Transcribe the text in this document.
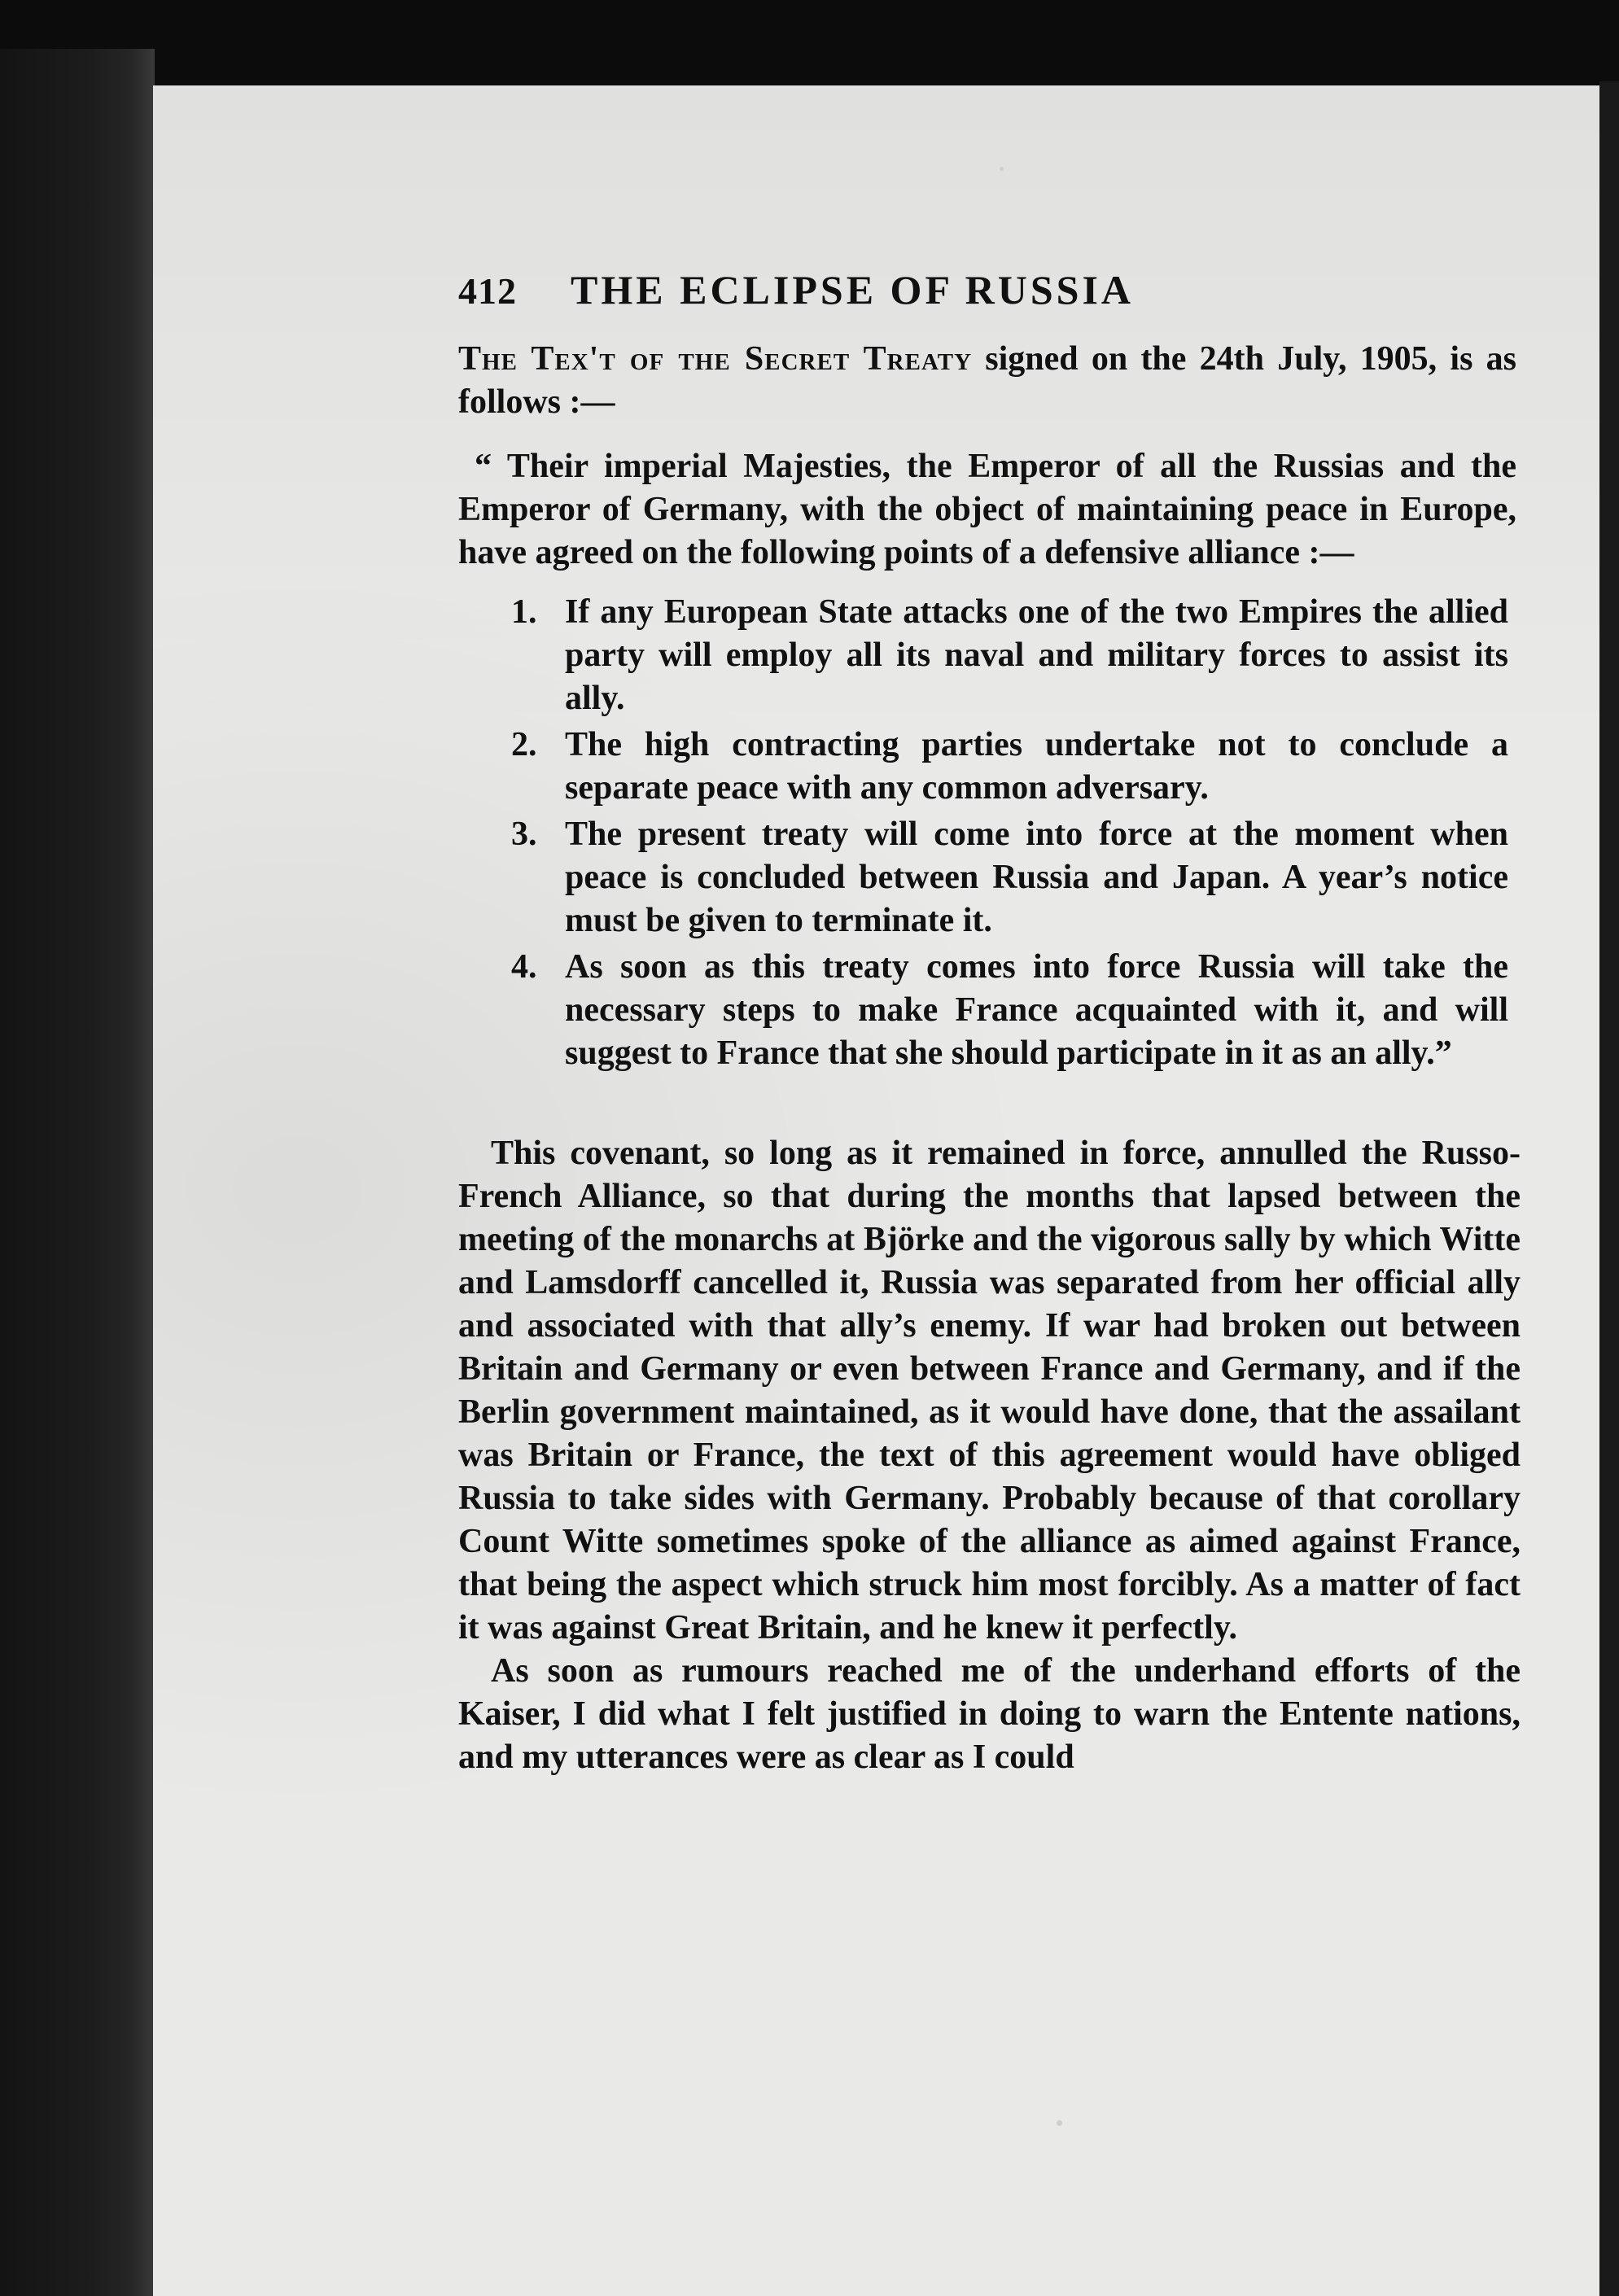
412	THE ECLIPSE OF RUSSIA

The Tex't of the Secret Treaty signed on the 24th July, 1905, is as follows :—

“ Their imperial Majesties, the Emperor of all the Russias and the Emperor of Germany, with the object of maintaining peace in Europe, have agreed on the following points of a defensive alliance :—

1. If any European State attacks one of the two Empires the allied party will employ all its naval and military forces to assist its ally.
2. The high contracting parties undertake not to conclude a separate peace with any common adversary.
3. The present treaty will come into force at the moment when peace is concluded between Russia and Japan. A year’s notice must be given to terminate it.
4. As soon as this treaty comes into force Russia will take the necessary steps to make France acquainted with it, and will suggest to France that she should participate in it as an ally.”

This covenant, so long as it remained in force, annulled the Russo-French Alliance, so that during the months that lapsed between the meeting of the monarchs at Björke and the vigorous sally by which Witte and Lamsdorff cancelled it, Russia was separated from her official ally and associated with that ally’s enemy. If war had broken out between Britain and Germany or even between France and Germany, and if the Berlin government maintained, as it would have done, that the assailant was Britain or France, the text of this agreement would have obliged Russia to take sides with Germany. Probably because of that corollary Count Witte sometimes spoke of the alliance as aimed against France, that being the aspect which struck him most forcibly. As a matter of fact it was against Great Britain, and he knew it perfectly.

As soon as rumours reached me of the underhand efforts of the Kaiser, I did what I felt justified in doing to warn the Entente nations, and my utterances were as clear as I could
